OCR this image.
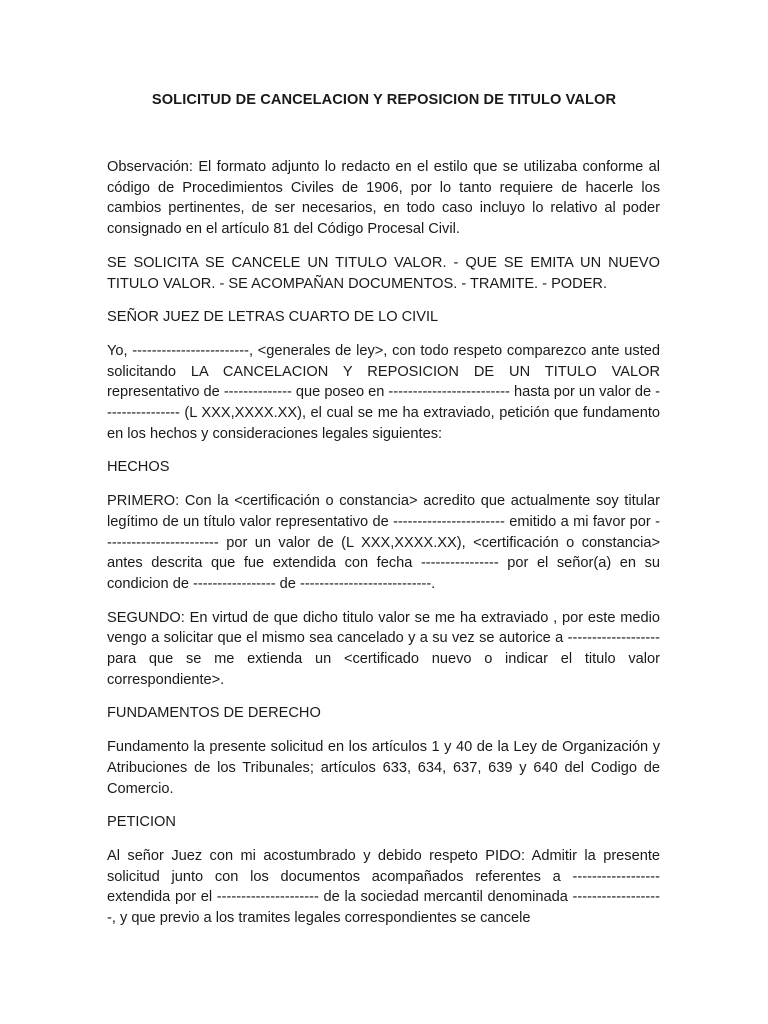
SOLICITUD DE CANCELACION Y REPOSICION DE TITULO VALOR

Observación: El formato adjunto lo redacto en el estilo que se utilizaba conforme al código de Procedimientos Civiles de 1906, por lo tanto requiere de hacerle los cambios pertinentes, de ser necesarios, en todo caso incluyo lo relativo al poder consignado en el artículo 81 del Código Procesal Civil.

SE SOLICITA SE CANCELE UN TITULO VALOR. - QUE SE EMITA UN NUEVO TITULO VALOR. - SE ACOMPAÑAN DOCUMENTOS. - TRAMITE. - PODER.

SEÑOR JUEZ DE LETRAS CUARTO DE LO CIVIL

Yo, ------------------------, <generales de ley>, con todo respeto comparezco ante usted solicitando LA CANCELACION Y REPOSICION DE UN TITULO VALOR representativo de -------------- que poseo en ------------------------- hasta por un valor de ---------------- (L XXX,XXXX.XX), el cual se me ha extraviado, petición que fundamento en los hechos y consideraciones legales siguientes:

HECHOS

PRIMERO: Con la <certificación o constancia> acredito que actualmente soy titular legítimo de un título valor representativo de ----------------------- emitido a mi favor por ------------------------ por un valor de (L XXX,XXXX.XX), <certificación o constancia> antes descrita que fue extendida con fecha ---------------- por el señor(a) en su condicion de ----------------- de ---------------------------.

SEGUNDO: En virtud de que dicho titulo valor se me ha extraviado , por este medio vengo a solicitar que el mismo sea cancelado y a su vez se autorice a ------------------- para que se me extienda un <certificado nuevo o indicar el titulo valor correspondiente>.

FUNDAMENTOS DE DERECHO

Fundamento la presente solicitud en los artículos 1 y 40 de la Ley de Organización y Atribuciones de los Tribunales; artículos 633, 634, 637, 639 y 640 del Codigo de Comercio.

PETICION

Al señor Juez con mi acostumbrado y debido respeto PIDO: Admitir la presente solicitud junto con los documentos acompañados referentes a ------------------ extendida por el --------------------- de la sociedad mercantil denominada -------------------, y que previo a los tramites legales correspondientes se cancele
